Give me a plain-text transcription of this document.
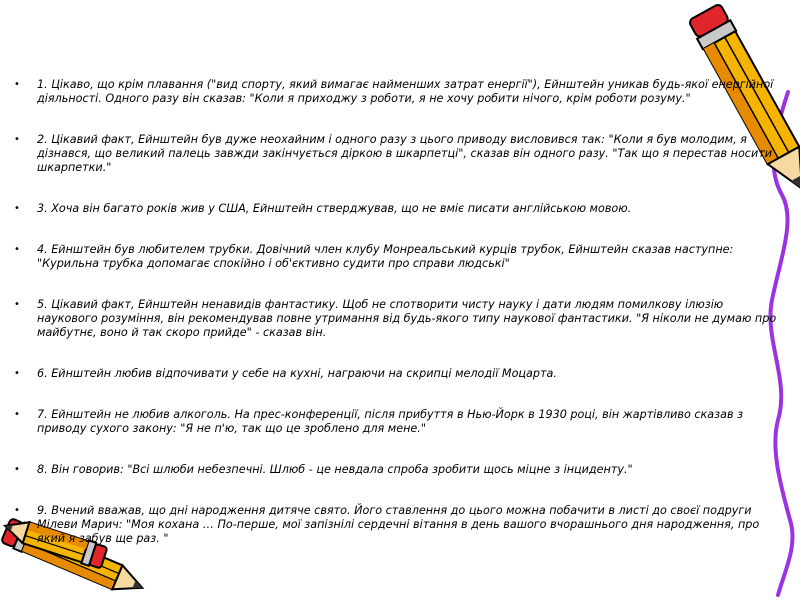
• 1. Цікаво, що крім плавання ("вид спорту, який вимагає найменших затрат енергії"), Ейнштейн уникав будь-якої енергійної діяльності. Одного разу він сказав: "Коли я приходжу з роботи, я не хочу робити нічого, крім роботи розуму."
• 2. Цікавий факт, Ейнштейн був дуже неохайним і одного разу з цього приводу висловився так: "Коли я був молодим, я дізнався, що великий палець завжди закінчується діркою в шкарпетці", сказав він одного разу. "Так що я перестав носити шкарпетки."
• 3. Хоча він багато років жив у США, Ейнштейн стверджував, що не вміє писати англійською мовою.
• 4. Ейнштейн був любителем трубки. Довічний член клубу Монреальський курців трубок, Ейнштейн сказав наступне: "Курильна трубка допомагає спокійно і об'єктивно судити про справи людські"
• 5. Цікавий факт, Ейнштейн ненавидів фантастику. Щоб не спотворити чисту науку і дати людям помилкову ілюзію наукового розуміння, він рекомендував повне утримання від будь-якого типу наукової фантастики. "Я ніколи не думаю про майбутнє, воно й так скоро прийде" - сказав він.
• 6. Ейнштейн любив відпочивати у себе на кухні, награючи на скрипці мелодії Моцарта.
• 7. Ейнштейн не любив алкоголь. На прес-конференції, після прибуття в Нью-Йорк в 1930 році, він жартівливо сказав з приводу сухого закону: "Я не п'ю, так що це зроблено для мене."
• 8. Він говорив: "Всі шлюби небезпечні. Шлюб - це невдала спроба зробити щось міцне з інциденту."
• 9. Вчений вважав, що дні народження дитяче свято. Його ставлення до цього можна побачити в листі до своєї подруги Мілеви Марич: "Моя кохана … По-перше, мої запізнілі сердечні вітання в день вашого вчорашнього дня народження, про який я забув ще раз. "
